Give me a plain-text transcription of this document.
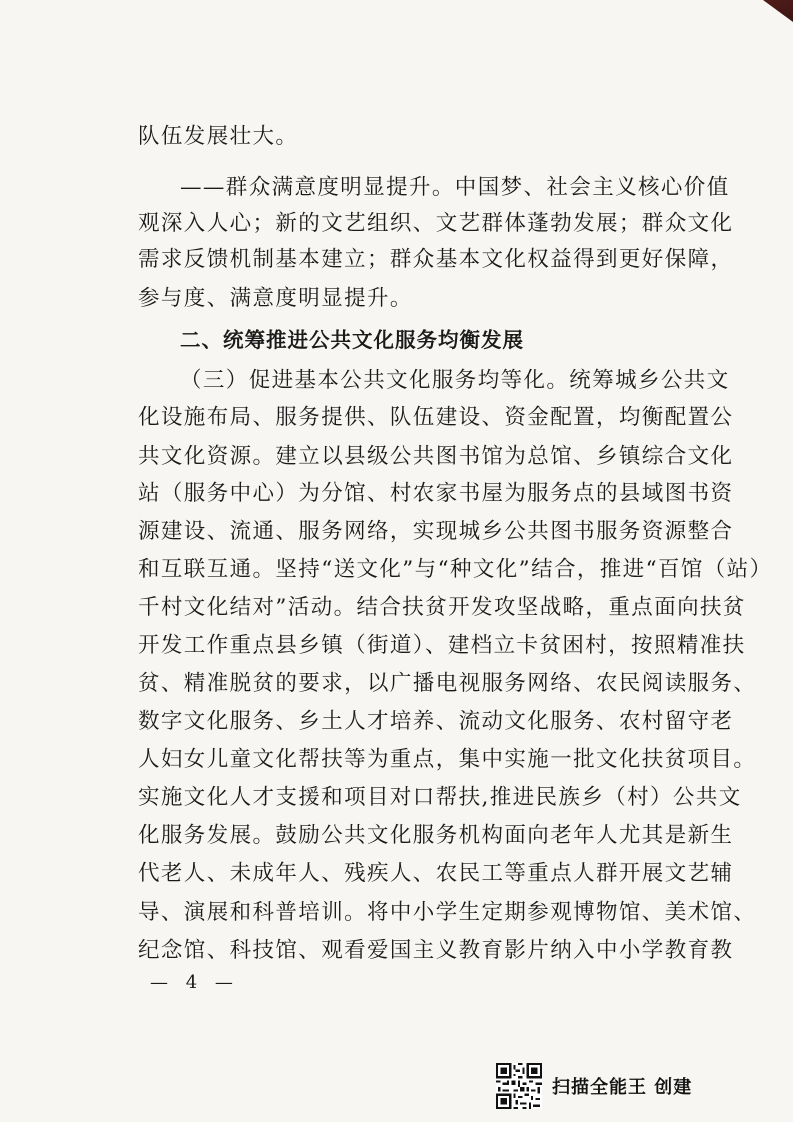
队伍发展壮大。
——群众满意度明显提升。中国梦、社会主义核心价值
观深入人心；新的文艺组织、文艺群体蓬勃发展；群众文化
需求反馈机制基本建立；群众基本文化权益得到更好保障，
参与度、满意度明显提升。
二、统筹推进公共文化服务均衡发展
（三）促进基本公共文化服务均等化。统筹城乡公共文
化设施布局、服务提供、队伍建设、资金配置，均衡配置公
共文化资源。建立以县级公共图书馆为总馆、乡镇综合文化
站（服务中心）为分馆、村农家书屋为服务点的县域图书资
源建设、流通、服务网络，实现城乡公共图书服务资源整合
和互联互通。坚持“送文化”与“种文化”结合，推进“百馆（站）
千村文化结对”活动。结合扶贫开发攻坚战略，重点面向扶贫
开发工作重点县乡镇（街道）、建档立卡贫困村，按照精准扶
贫、精准脱贫的要求，以广播电视服务网络、农民阅读服务、
数字文化服务、乡土人才培养、流动文化服务、农村留守老
人妇女儿童文化帮扶等为重点，集中实施一批文化扶贫项目。
实施文化人才支援和项目对口帮扶,推进民族乡（村）公共文
化服务发展。鼓励公共文化服务机构面向老年人尤其是新生
代老人、未成年人、残疾人、农民工等重点人群开展文艺辅
导、演展和科普培训。将中小学生定期参观博物馆、美术馆、
纪念馆、科技馆、观看爱国主义教育影片纳入中小学教育教
— 4 —
扫描全能王 创建
